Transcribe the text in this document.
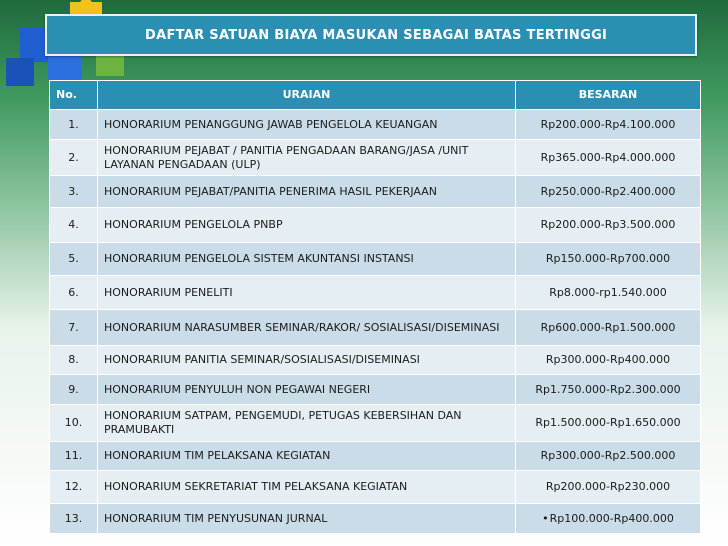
DAFTAR SATUAN BIAYA MASUKAN SEBAGAI BATAS TERTINGGI
No.	URAIAN	BESARAN
1.	HONORARIUM PENANGGUNG JAWAB PENGELOLA KEUANGAN	Rp200.000-Rp4.100.000
2.	HONORARIUM PEJABAT / PANITIA PENGADAAN BARANG/JASA /UNIT LAYANAN PENGADAAN (ULP)	Rp365.000-Rp4.000.000
3.	HONORARIUM PEJABAT/PANITIA PENERIMA HASIL PEKERJAAN	Rp250.000-Rp2.400.000
4.	HONORARIUM PENGELOLA PNBP	Rp200.000-Rp3.500.000
5.	HONORARIUM PENGELOLA SISTEM AKUNTANSI INSTANSI	Rp150.000-Rp700.000
6.	HONORARIUM PENELITI	Rp8.000-rp1.540.000
7.	HONORARIUM NARASUMBER SEMINAR/RAKOR/ SOSIALISASI/DISEMINASI	Rp600.000-Rp1.500.000
8.	HONORARIUM PANITIA SEMINAR/SOSIALISASI/DISEMINASI	Rp300.000-Rp400.000
9.	HONORARIUM PENYULUH NON PEGAWAI NEGERI	Rp1.750.000-Rp2.300.000
10.	HONORARIUM SATPAM, PENGEMUDI, PETUGAS KEBERSIHAN DAN PRAMUBAKTI	Rp1.500.000-Rp1.650.000
11.	HONORARIUM TIM PELAKSANA KEGIATAN	Rp300.000-Rp2.500.000
12.	HONORARIUM SEKRETARIAT TIM PELAKSANA KEGIATAN	Rp200.000-Rp230.000
13.	HONORARIUM TIM PENYUSUNAN JURNAL	•Rp100.000-Rp400.000
